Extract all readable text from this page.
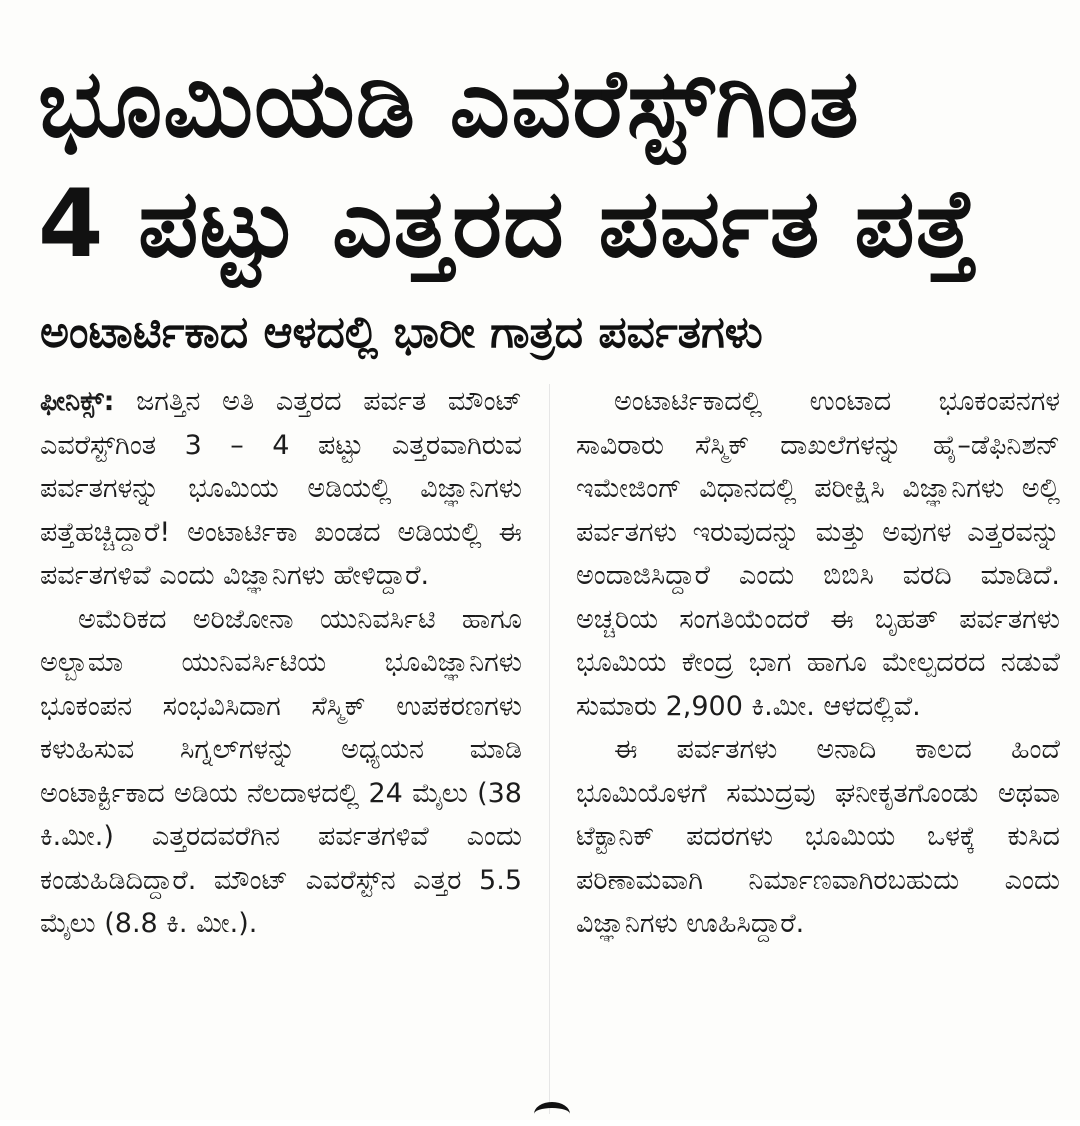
ಭೂಮಿಯಡಿ ಎವರೆಸ್ಟ್‌ಗಿಂತ
4 ಪಟ್ಟು ಎತ್ತರದ ಪರ್ವತ ಪತ್ತೆ
ಅಂಟಾರ್ಟಿಕಾದ ಆಳದಲ್ಲಿ ಭಾರೀ ಗಾತ್ರದ ಪರ್ವತಗಳು

ಫೀನಿಕ್ಸ್: ಜಗತ್ತಿನ ಅತಿ ಎತ್ತರದ ಪರ್ವತ ಮೌಂಟ್ ಎವರೆಸ್ಟ್‌ಗಿಂತ 3 – 4 ಪಟ್ಟು ಎತ್ತರವಾಗಿರುವ ಪರ್ವತಗಳನ್ನು ಭೂಮಿಯ ಅಡಿಯಲ್ಲಿ ವಿಜ್ಞಾನಿಗಳು ಪತ್ತೆಹಚ್ಚಿದ್ದಾರೆ! ಅಂಟಾರ್ಟಿಕಾ ಖಂಡದ ಅಡಿಯಲ್ಲಿ ಈ ಪರ್ವತಗಳಿವೆ ಎಂದು ವಿಜ್ಞಾನಿಗಳು ಹೇಳಿದ್ದಾರೆ.

ಅಮೆರಿಕದ ಅರಿಜೋನಾ ಯುನಿವರ್ಸಿಟಿ ಹಾಗೂ ಅಲ್ಬಾಮಾ ಯುನಿವರ್ಸಿಟಿಯ ಭೂವಿಜ್ಞಾನಿಗಳು ಭೂಕಂಪನ ಸಂಭವಿಸಿದಾಗ ಸೆಸ್ಮಿಕ್ ಉಪಕರಣಗಳು ಕಳುಹಿಸುವ ಸಿಗ್ನಲ್‌ಗಳನ್ನು ಅಧ್ಯಯನ ಮಾಡಿ ಅಂಟಾರ್ಕ್ಟಿಕಾದ ಅಡಿಯ ನೆಲದಾಳದಲ್ಲಿ 24 ಮೈಲು (38 ಕಿ.ಮೀ.) ಎತ್ತರದವರೆಗಿನ ಪರ್ವತಗಳಿವೆ ಎಂದು ಕಂಡುಹಿಡಿದಿದ್ದಾರೆ. ಮೌಂಟ್ ಎವರೆಸ್ಟ್‌ನ ಎತ್ತರ 5.5 ಮೈಲು (8.8 ಕಿ. ಮೀ.).

ಅಂಟಾರ್ಟಿಕಾದಲ್ಲಿ ಉಂಟಾದ ಭೂಕಂಪನಗಳ ಸಾವಿರಾರು ಸೆಸ್ಮಿಕ್ ದಾಖಲೆಗಳನ್ನು ಹೈ–ಡೆಫಿನಿಶನ್ ಇಮೇಜಿಂಗ್ ವಿಧಾನದಲ್ಲಿ ಪರೀಕ್ಷಿಸಿ ವಿಜ್ಞಾನಿಗಳು ಅಲ್ಲಿ ಪರ್ವತಗಳು ಇರುವುದನ್ನು ಮತ್ತು ಅವುಗಳ ಎತ್ತರವನ್ನು ಅಂದಾಜಿಸಿದ್ದಾರೆ ಎಂದು ಬಿಬಿಸಿ ವರದಿ ಮಾಡಿದೆ. ಅಚ್ಚರಿಯ ಸಂಗತಿಯೆಂದರೆ ಈ ಬೃಹತ್ ಪರ್ವತಗಳು ಭೂಮಿಯ ಕೇಂದ್ರ ಭಾಗ ಹಾಗೂ ಮೇಲ್ಪದರದ ನಡುವೆ ಸುಮಾರು 2,900 ಕಿ.ಮೀ. ಆಳದಲ್ಲಿವೆ.

ಈ ಪರ್ವತಗಳು ಅನಾದಿ ಕಾಲದ ಹಿಂದೆ ಭೂಮಿಯೊಳಗೆ ಸಮುದ್ರವು ಘನೀಕೃತಗೊಂಡು ಅಥವಾ ಟೆಕ್ಟಾನಿಕ್ ಪದರಗಳು ಭೂಮಿಯ ಒಳಕ್ಕೆ ಕುಸಿದ ಪರಿಣಾಮವಾಗಿ ನಿರ್ಮಾಣವಾಗಿರಬಹುದು ಎಂದು ವಿಜ್ಞಾನಿಗಳು ಊಹಿಸಿದ್ದಾರೆ.
